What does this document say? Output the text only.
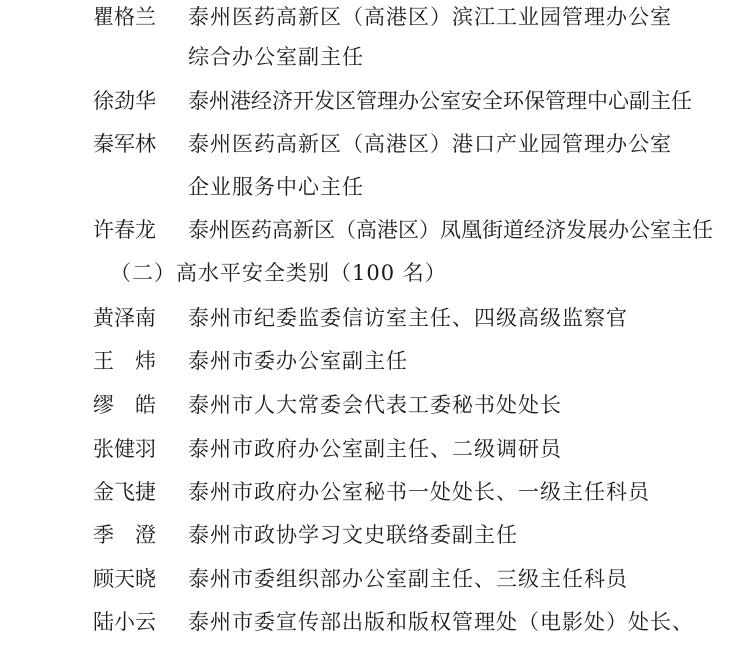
瞿格兰 泰州医药高新区（高港区）滨江工业园管理办公室
综合办公室副主任
徐劲华 泰州港经济开发区管理办公室安全环保管理中心副主任
秦军林 泰州医药高新区（高港区）港口产业园管理办公室
企业服务中心主任
许春龙 泰州医药高新区（高港区）凤凰街道经济发展办公室主任
（二）高水平安全类别（100 名）
黄泽南 泰州市纪委监委信访室主任、四级高级监察官
王　炜 泰州市委办公室副主任
缪　皓 泰州市人大常委会代表工委秘书处处长
张健羽 泰州市政府办公室副主任、二级调研员
金飞捷 泰州市政府办公室秘书一处处长、一级主任科员
季　澄 泰州市政协学习文史联络委副主任
顾天晓 泰州市委组织部办公室副主任、三级主任科员
陆小云 泰州市委宣传部出版和版权管理处（电影处）处长、
